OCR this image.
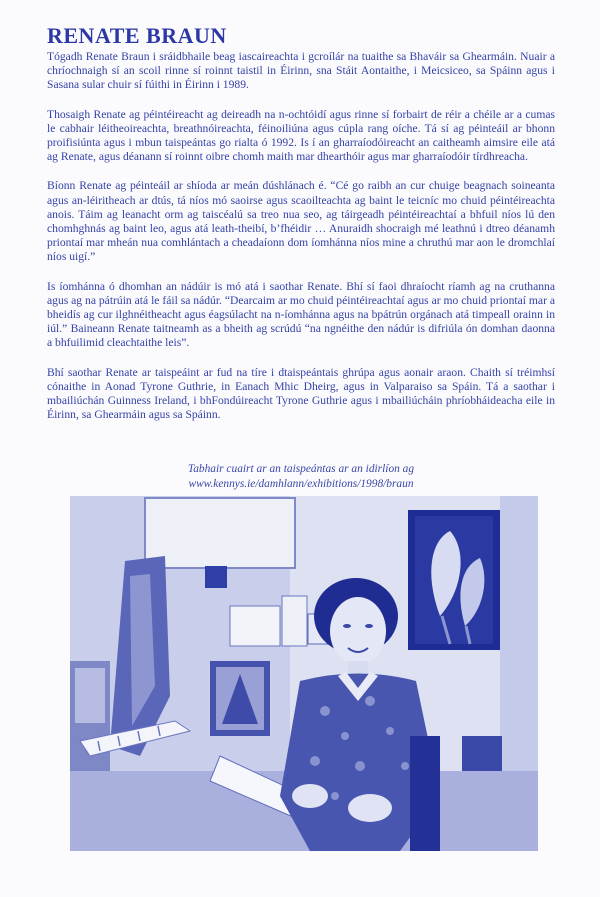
RENATE BRAUN

Tógadh Renate Braun i sráidbhaile beag iascaireachta i gcroílár na tuaithe sa Bhaváir sa Ghearmáin. Nuair a chríochnaigh sí an scoil rinne sí roinnt taistil in Éirinn, sna Stáit Aontaithe, i Meicsiceo, sa Spáinn agus i Sasana sular chuir sí fúithi in Éirinn i 1989.

Thosaigh Renate ag péintéireacht ag deireadh na n-ochtóidí agus rinne sí forbairt de réir a chéile ar a cumas le cabhair léitheoireachta, breathnóireachta, féinoiliúna agus cúpla rang oíche. Tá sí ag péinteáil ar bhonn proifisiúnta agus i mbun taispeántas go rialta ó 1992. Is í an gharraíodóireacht an caitheamh aimsire eile atá ag Renate, agus déanann sí roinnt oibre chomh maith mar dhearthóir agus mar gharraíodóir tírdhreacha.

Bíonn Renate ag péinteáil ar shíoda ar meán dúshlánach é. “Cé go raibh an cur chuige beagnach soineanta agus an-léiritheach ar dtús, tá níos mó saoirse agus scaoilteachta ag baint le teicníc mo chuid péintéireachta anois. Táim ag leanacht orm ag taiscéalú sa treo nua seo, ag táirgeadh péintéireachtaí a bhfuil níos lú den chomhghnás ag baint leo, agus atá leath-theibí, b’fhéidir … Anuraidh shocraigh mé leathnú i dtreo déanamh priontaí mar mheán nua comhlántach a cheadaíonn dom íomhánna níos mine a chruthú mar aon le dromchlaí níos uigí.”

Is íomhánna ó dhomhan an nádúir is mó atá i saothar Renate. Bhí sí faoi dhraíocht ríamh ag na cruthanna agus ag na pátrúin atá le fáil sa nádúr. “Dearcaim ar mo chuid péintéireachtaí agus ar mo chuid priontaí mar a bheidís ag cur ilghnéitheacht agus éagsúlacht na n-íomhánna agus na bpátrún orgánach atá timpeall orainn in iúl.” Baineann Renate taitneamh as a bheith ag scrúdú “na ngnéithe den nádúr is difriúla ón domhan daonna a bhfuilimid cleachtaithe leis”.

Bhí saothar Renate ar taispeáint ar fud na tíre i dtaispeántais ghrúpa agus aonair araon. Chaith sí tréimhsí cónaithe in Aonad Tyrone Guthrie, in Eanach Mhic Dheirg, agus in Valparaiso sa Spáin. Tá a saothar i mbailiúchán Guinness Ireland, i bhFondúireacht Tyrone Guthrie agus i mbailiúcháin phríobháideacha eile in Éirinn, sa Ghearmáin agus sa Spáinn.

Tabhair cuairt ar an taispeántas ar an idirlíon ag
www.kennys.ie/damhlann/exhibitions/1998/braun
